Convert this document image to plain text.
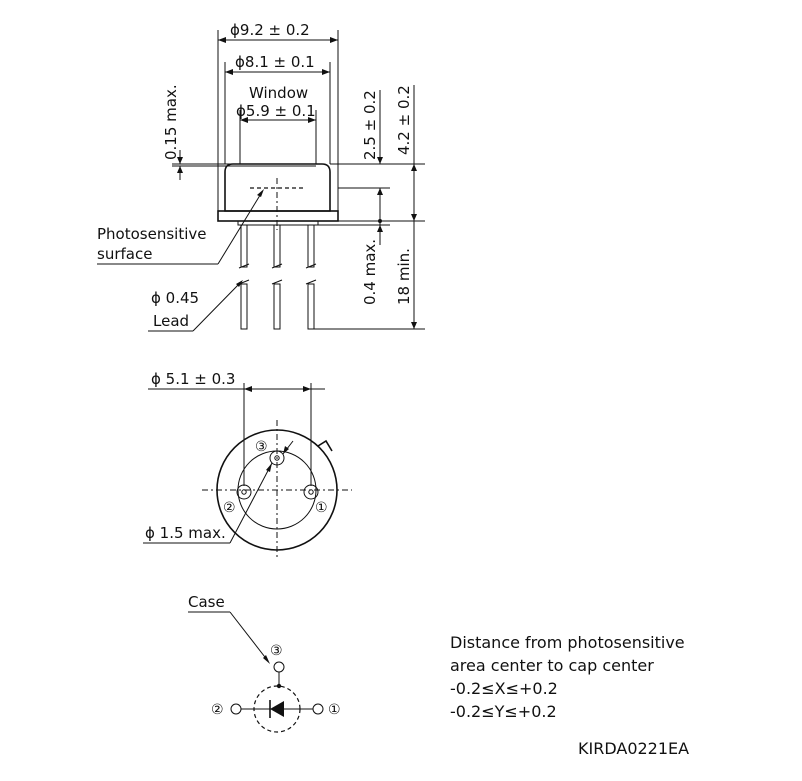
ϕ9.2 ± 0.2
ϕ8.1 ± 0.1
Window
ϕ5.9 ± 0.1
0.15 max.	2.5 ± 0.2 4.2 ± 0.2
0.4 max. 18 min.
Photosensitive
surface
ϕ 0.45
Lead
③
②	①
ϕ 5.1 ± 0.3
ϕ 1.5 max.
Case
③
②	①
Distance from photosensitive
area center to cap center
-0.2≤X≤+0.2
-0.2≤Y≤+0.2
KIRDA0221EA
